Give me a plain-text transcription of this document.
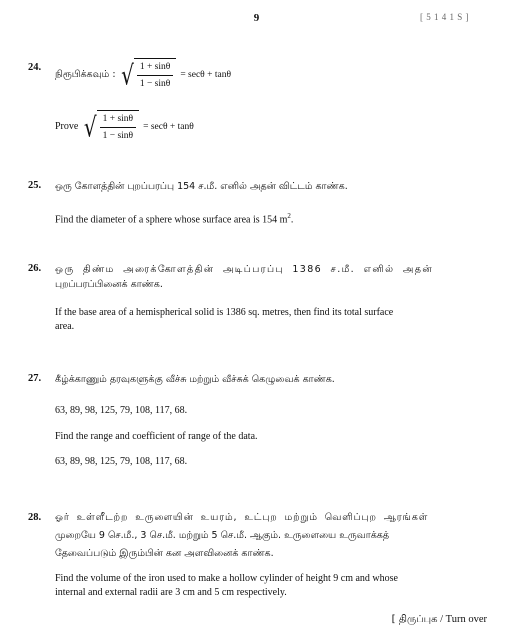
9	[ 5 1 4 1 S ]
24.
நிரூபிக்கவும் : √ $\frac{1 + \sin\theta}{1 - \sin\theta} = \sec\theta + \tan\theta$
Prove √ $\frac{1 + \sin\theta}{1 - \sin\theta} = \sec\theta + \tan\theta$
25. ஒரு கோளத்தின் புறப்பரப்பு 154 ச.மீ. எனில் அதன் விட்டம் காண்க.
Find the diameter of a sphere whose surface area is 154 $m^2$.
26. ஒரு திண்ம அரைக்கோளத்தின் அடிப்பரப்பு 1386 ச.மீ. எனில் அதன்
புறப்பரப்பினைக் காண்க.
If the base area of a hemispherical solid is 1386 sq. metres, then find its total surface
area.
27. கீழ்க்காணும் தரவுகளுக்கு வீச்சு மற்றும் வீச்சுக் கெழுவைக் காண்க.
63, 89, 98, 125, 79, 108, 117, 68.
Find the range and coefficient of range of the data.
63, 89, 98, 125, 79, 108, 117, 68.
28. ஓர் உள்ளீடற்ற உருளையின் உயரம், உட்புற மற்றும் வெளிப்புற ஆரங்கள்
முறையே 9 செ.மீ., 3 செ.மீ. மற்றும் 5 செ.மீ. ஆகும். உருளையை உருவாக்கத்
தேவைப்படும் இரும்பின் கன அளவினைக் காண்க.
Find the volume of the iron used to make a hollow cylinder of height 9 cm and whose
internal and external radii are 3 cm and 5 cm respectively.
[ திருப்புக / Turn over
